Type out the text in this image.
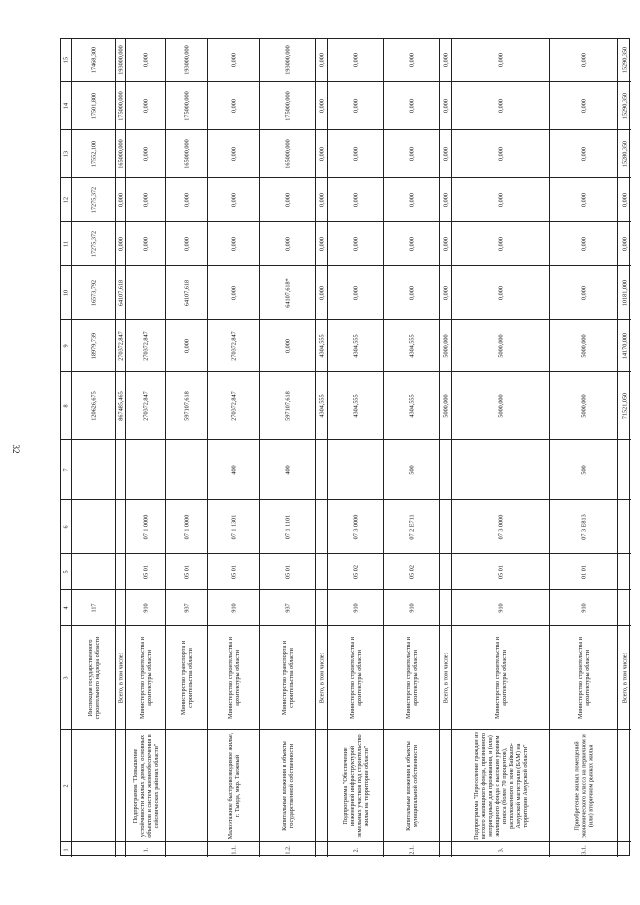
32
15
14
13
12
11
10
9
8
7
6
5
4
3
2
1
17468,300
17501,800
17552,100
17275,372
17275,372
16573,792
18979,739
120626,675
117
Инспекция государственного строительного надзора области
193000,000
175000,000
165000,000
0,000
0,000
64107,618
270372,847
867485,465
Всего, в том числе:
0,000
0,000
0,000
0,000
0,000
270372,847
270372,847
07 1 0000
05 01
910
Министерство строительства и архитектуры области
Подпрограмма "Повышение устойчивости жилых домов, основных объектов и систем жизнеобеспечения в сейсмических районах области"
1.
193000,000
175000,000
165000,000
0,000
0,000
64107,618
0,000
597107,618
07 1 0000
05 01
937
Министерство транспорта и строительства области
0,000
0,000
0,000
0,000
0,000
0,000
270372,847
270372,847
400
07 1 1301
05 01
910
Министерство строительства и архитектуры области
Малоэтажное быстровозводимое жилье, г. Тында, мкр. Таежный
1.1.
193000,000
175000,000
165000,000
0,000
0,000
64107,618*
0,000
597107,618
400
07 1 1101
05 01
937
Министерство транспорта и строительства области
Капитальные вложения в объекты государственной собственности
1.2.
0,000
0,000
0,000
0,000
0,000
0,000
4304,555
4304,555
Всего, в том числе:
0,000
0,000
0,000
0,000
0,000
0,000
4304,555
4304,555
07 3 0000
05 02
910
Министерство строительства и архитектуры области
Подпрограмма "Обеспечение инженерной инфраструктурой земельных участков под строительство жилья на территории области"
2.
0,000
0,000
0,000
0,000
0,000
0,000
4304,555
4304,555
500
07 2 Е711
05 02
910
Министерство строительства и архитектуры области
Капитальные вложения в объекты муниципальной собственности
2.1.
0,000
0,000
0,000
0,000
0,000
0,000
5000,000
5000,000
Всего, в том числе:
0,000
0,000
0,000
0,000
0,000
0,000
5000,000
5000,000
07 3 0000
05 01
910
Министерство строительства и архитектуры области
Подпрограмма "Переселение граждан из ветхого жилищного фонда, признанного непригодным для проживания, и (или) жилищного фонда с высоким уровнем износа (более 70 процентов), расположенного в зоне Байкало-Амурской магистрали (БАМ) на территории Амурской области"
3.
0,000
0,000
0,000
0,000
0,000
0,000
5000,000
5000,000
500
07 3 Е813
01 01
910
Министерство строительства и архитектуры области
Приобретение жилых помещений экономического класса на первичном и (или) вторичном рынках жилья
3.1.
15290,350
15290,350
15280,350
0,000
0,000
10181,000
14170,000
71521,050
Всего, в том числе:
